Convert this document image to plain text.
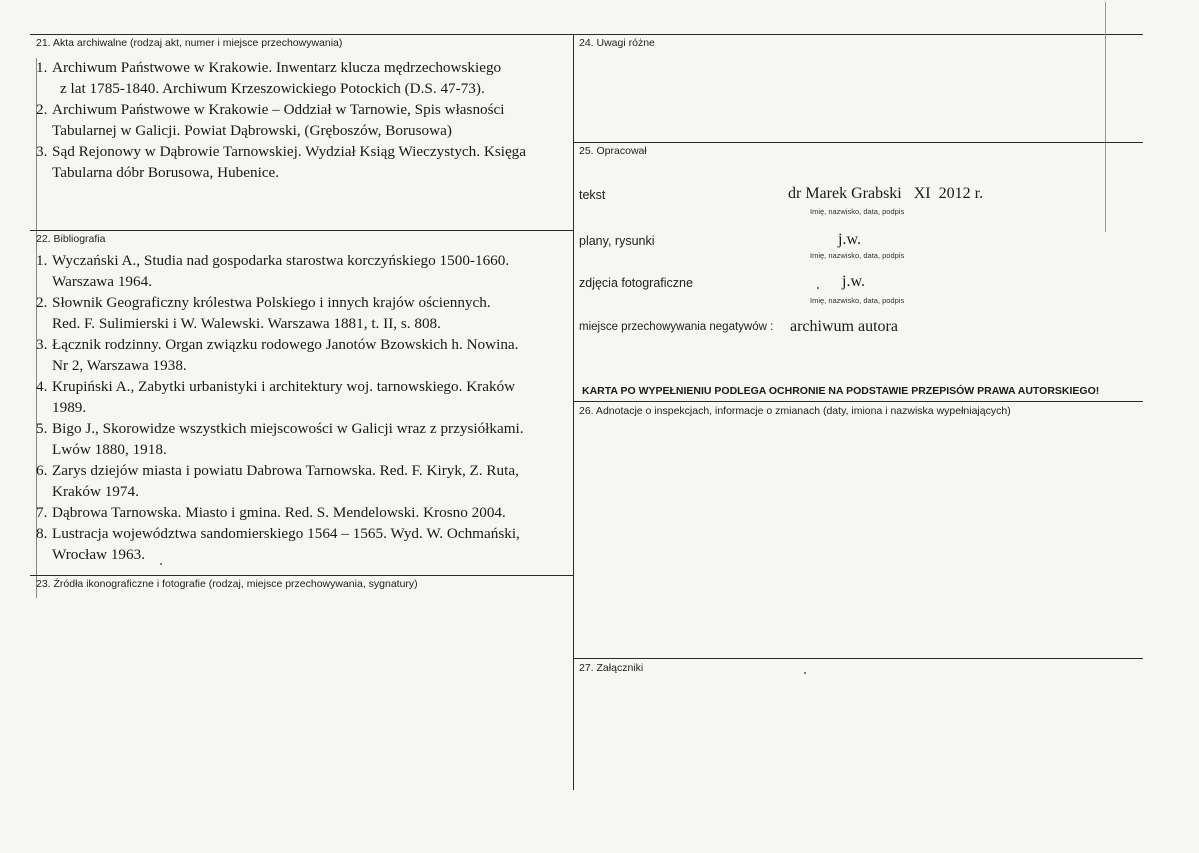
21. Akta archiwalne (rodzaj akt, numer i miejsce przechowywania)
1. Archiwum Państwowe w Krakowie. Inwentarz klucza mędrzechowskiego
z lat 1785-1840. Archiwum Krzeszowickiego Potockich (D.S. 47-73).
2. Archiwum Państwowe w Krakowie – Oddział w Tarnowie, Spis własności
Tabularnej w Galicji. Powiat Dąbrowski, (Gręboszów, Borusowa)
3. Sąd Rejonowy w Dąbrowie Tarnowskiej. Wydział Ksiąg Wieczystych. Księga
Tabularna dóbr Borusowa, Hubenice.
22. Bibliografia
1. Wyczański A., Studia nad gospodarka starostwa korczyńskiego 1500-1660.
Warszawa 1964.
2. Słownik Geograficzny królestwa Polskiego i innych krajów ościennych.
Red. F. Sulimierski i W. Walewski. Warszawa 1881, t. II, s. 808.
3. Łącznik rodzinny. Organ związku rodowego Janotów Bzowskich h. Nowina.
Nr 2, Warszawa 1938.
4. Krupiński A., Zabytki urbanistyki i architektury woj. tarnowskiego. Kraków
1989.
5. Bigo J., Skorowidze wszystkich miejscowości w Galicji wraz z przysiółkami.
Lwów 1880, 1918.
6. Zarys dziejów miasta i powiatu Dabrowa Tarnowska. Red. F. Kiryk, Z. Ruta,
Kraków 1974.
7. Dąbrowa Tarnowska. Miasto i gmina. Red. S. Mendelowski. Krosno 2004.
8. Lustracja województwa sandomierskiego 1564 – 1565. Wyd. W. Ochmański,
Wrocław 1963.
23. Źródła ikonograficzne i fotografie (rodzaj, miejsce przechowywania, sygnatury)
24. Uwagi różne
25. Opracował
tekst	dr Marek Grabski   XI  2012 r.
Imię, nazwisko, data, podpis
plany, rysunki	j.w.
Imię, nazwisko, data, podpis
zdjęcia fotograficzne	j.w.
Imię, nazwisko, data, podpis
miejsce przechowywania negatywów : archiwum autora
KARTA PO WYPEŁNIENIU PODLEGA OCHRONIE NA PODSTAWIE PRZEPISÓW PRAWA AUTORSKIEGO!
26. Adnotacje o inspekcjach, informacje o zmianach (daty, imiona i nazwiska wypełniających)
27. Załączniki
